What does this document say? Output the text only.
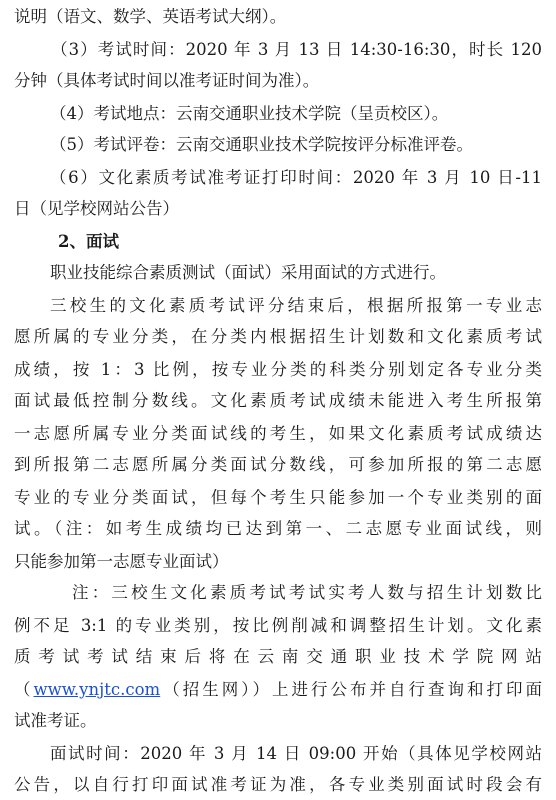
说明（语文、数学、英语考试大纲）。
（3）考试时间：2020 年 3 月 13 日 14:30-16:30，时长 120
分钟（具体考试时间以准考证时间为准）。
（4）考试地点：云南交通职业技术学院（呈贡校区）。
（5）考试评卷：云南交通职业技术学院按评分标准评卷。
（6）文化素质考试准考证打印时间：2020 年 3 月 10 日-11
日（见学校网站公告）
2、面试
职业技能综合素质测试（面试）采用面试的方式进行。
三校生的文化素质考试评分结束后，根据所报第一专业志
愿所属的专业分类，在分类内根据招生计划数和文化素质考试
成绩，按 1：3 比例，按专业分类的科类分别划定各专业分类
面试最低控制分数线。文化素质考试成绩未能进入考生所报第
一志愿所属专业分类面试线的考生，如果文化素质考试成绩达
到所报第二志愿所属分类面试分数线，可参加所报的第二志愿
专业的专业分类面试，但每个考生只能参加一个专业类别的面
试。（注：如考生成绩均已达到第一、二志愿专业面试线，则
只能参加第一志愿专业面试）
注：三校生文化素质考试考试实考人数与招生计划数比
例不足 3:1 的专业类别，按比例削减和调整招生计划。文化素
质考试考试结束后将在云南交通职业技术学院网站
（www.ynjtc.com（招生网））上进行公布并自行查询和打印面
试准考证。
面试时间：2020 年 3 月 14 日 09:00 开始（具体见学校网站
公告，以自行打印面试准考证为准，各专业类别面试时段会有
